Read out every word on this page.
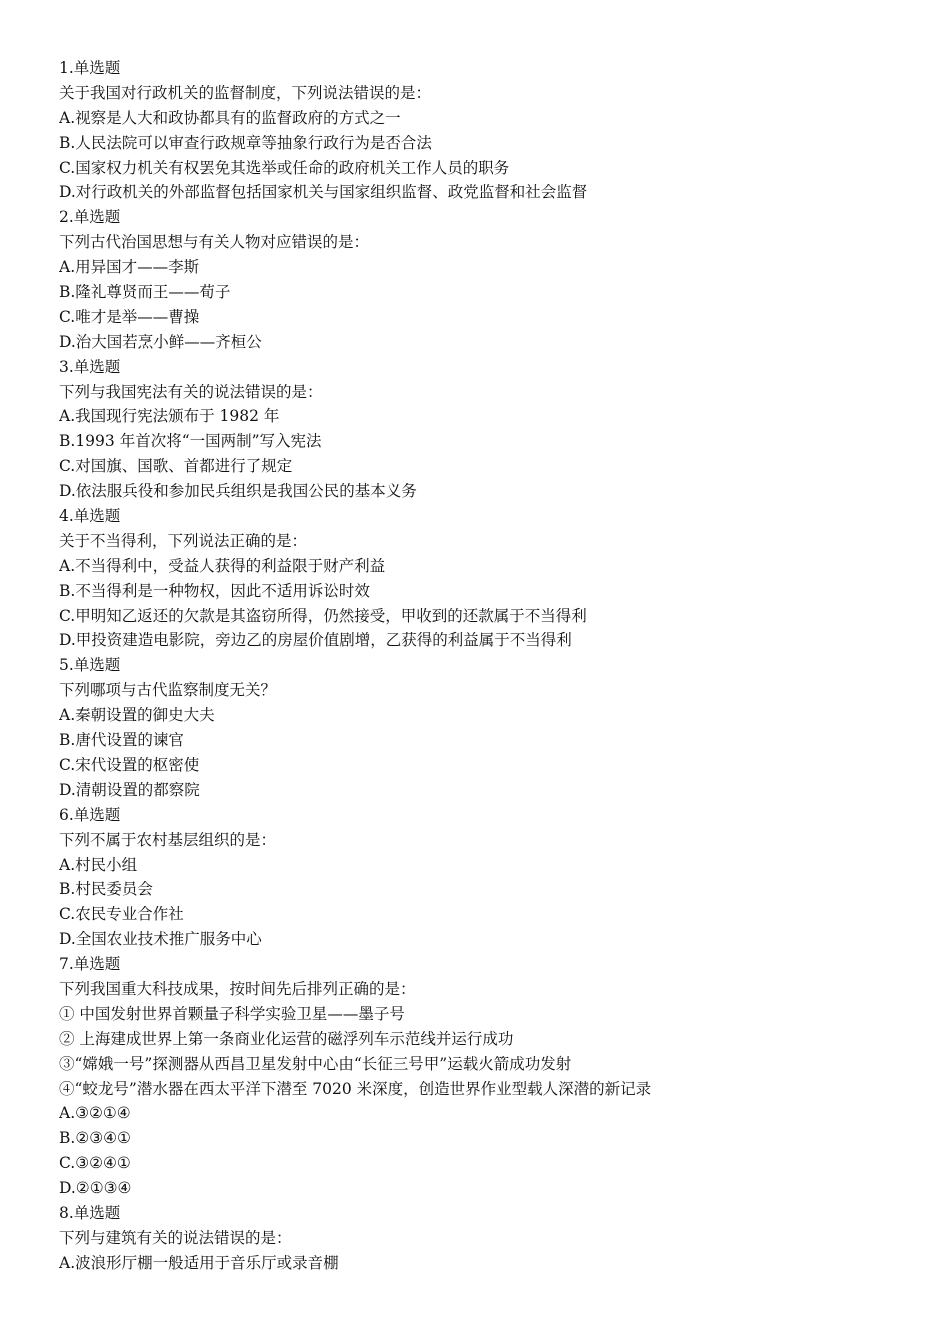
1.单选题
关于我国对行政机关的监督制度，下列说法错误的是：
A.视察是人大和政协都具有的监督政府的方式之一
B.人民法院可以审查行政规章等抽象行政行为是否合法
C.国家权力机关有权罢免其选举或任命的政府机关工作人员的职务
D.对行政机关的外部监督包括国家机关与国家组织监督、政党监督和社会监督
2.单选题
下列古代治国思想与有关人物对应错误的是：
A.用异国才——李斯
B.隆礼尊贤而王——荀子
C.唯才是举——曹操
D.治大国若烹小鲜——齐桓公
3.单选题
下列与我国宪法有关的说法错误的是：
A.我国现行宪法颁布于 1982 年
B.1993 年首次将“一国两制”写入宪法
C.对国旗、国歌、首都进行了规定
D.依法服兵役和参加民兵组织是我国公民的基本义务
4.单选题
关于不当得利，下列说法正确的是：
A.不当得利中，受益人获得的利益限于财产利益
B.不当得利是一种物权，因此不适用诉讼时效
C.甲明知乙返还的欠款是其盗窃所得，仍然接受，甲收到的还款属于不当得利
D.甲投资建造电影院，旁边乙的房屋价值剧增，乙获得的利益属于不当得利
5.单选题
下列哪项与古代监察制度无关？
A.秦朝设置的御史大夫
B.唐代设置的谏官
C.宋代设置的枢密使
D.清朝设置的都察院
6.单选题
下列不属于农村基层组织的是：
A.村民小组
B.村民委员会
C.农民专业合作社
D.全国农业技术推广服务中心
7.单选题
下列我国重大科技成果，按时间先后排列正确的是：
① 中国发射世界首颗量子科学实验卫星——墨子号
② 上海建成世界上第一条商业化运营的磁浮列车示范线并运行成功
③“嫦娥一号”探测器从西昌卫星发射中心由“长征三号甲”运载火箭成功发射
④“蛟龙号”潜水器在西太平洋下潜至 7020 米深度，创造世界作业型载人深潜的新记录
A.③②①④
B.②③④①
C.③②④①
D.②①③④
8.单选题
下列与建筑有关的说法错误的是：
A.波浪形厅棚一般适用于音乐厅或录音棚
